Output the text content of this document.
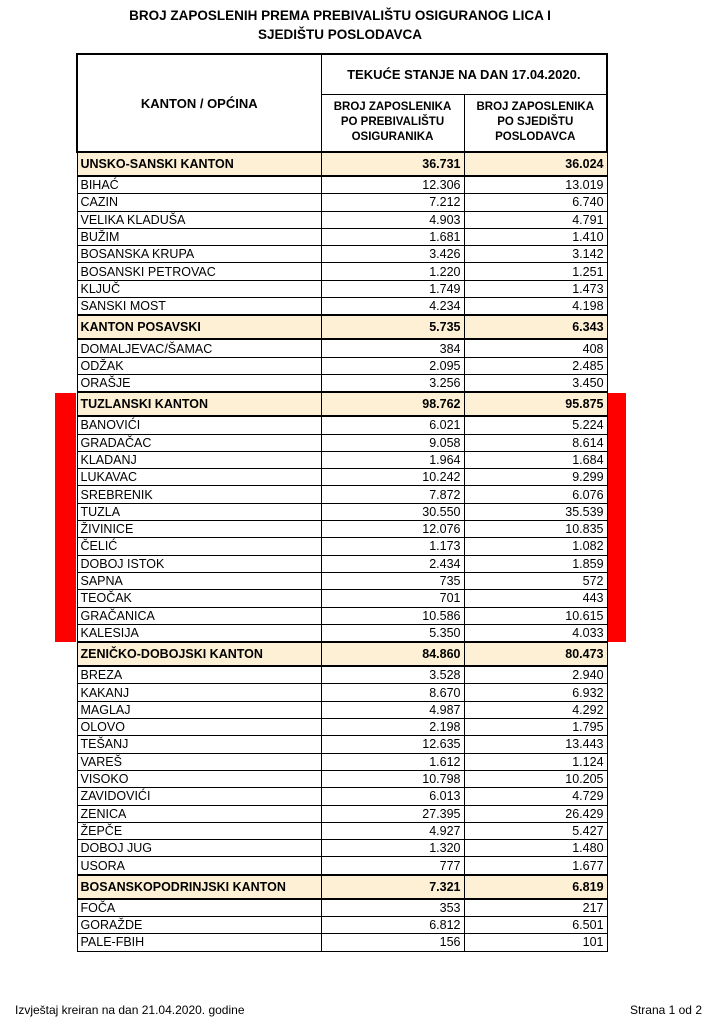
BROJ ZAPOSLENIH PREMA PREBIVALIŠTU OSIGURANOG LICA I
SJEDIŠTU POSLODAVCA
KANTON / OPĆINA	TEKUĆE STANJE NA DAN 17.04.2020.	

	BROJ ZAPOSLENIKA PO PREBIVALIŠTU OSIGURANIKA	BROJ ZAPOSLENIKA PO SJEDIŠTU POSLODAVCA

UNSKO-SANSKI KANTON	36.731	36.024
BIHAĆ	12.306	13.019
CAZIN	7.212	6.740
VELIKA KLADUŠA	4.903	4.791
BUŽIM	1.681	1.410
BOSANSKA KRUPA	3.426	3.142
BOSANSKI PETROVAC	1.220	1.251
KLJUČ	1.749	1.473
SANSKI MOST	4.234	4.198
KANTON POSAVSKI	5.735	6.343
DOMALJEVAC/ŠAMAC	384	408
ODŽAK	2.095	2.485
ORAŠJE	3.256	3.450
TUZLANSKI KANTON	98.762	95.875
BANOVIĆI	6.021	5.224
GRADAČAC	9.058	8.614
KLADANJ	1.964	1.684
LUKAVAC	10.242	9.299
SREBRENIK	7.872	6.076
TUZLA	30.550	35.539
ŽIVINICE	12.076	10.835
ČELIĆ	1.173	1.082
DOBOJ ISTOK	2.434	1.859
SAPNA	735	572
TEOČAK	701	443
GRAČANICA	10.586	10.615
KALESIJA	5.350	4.033
ZENIČKO-DOBOJSKI KANTON	84.860	80.473
BREZA	3.528	2.940
KAKANJ	8.670	6.932
MAGLAJ	4.987	4.292
OLOVO	2.198	1.795
TEŠANJ	12.635	13.443
VAREŠ	1.612	1.124
VISOKO	10.798	10.205
ZAVIDOVIĆI	6.013	4.729
ZENICA	27.395	26.429
ŽEPČE	4.927	5.427
DOBOJ JUG	1.320	1.480
USORA	777	1.677
BOSANSKOPODRINJSKI KANTON	7.321	6.819
FOČA	353	217
GORAŽDE	6.812	6.501
PALE-FBIH	156	101
Izvještaj kreiran na dan 21.04.2020. godine	Strana 1 od 2
